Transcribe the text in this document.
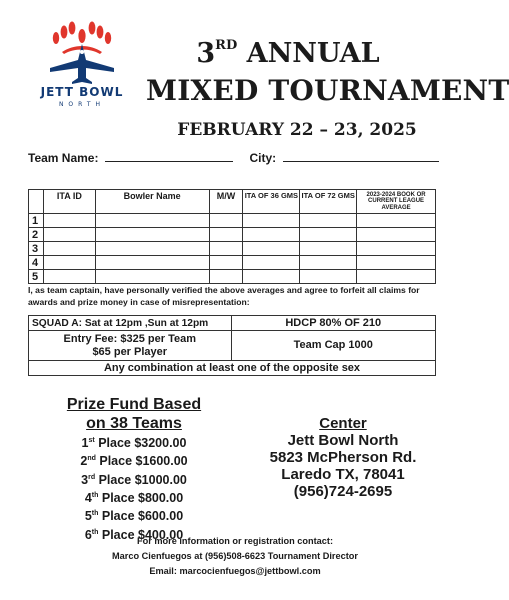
JETT BOWL
NORTH
3RD ANNUAL
MIXED TOURNAMENT
FEBRUARY 22 – 23, 2025
Team Name:	City:
	ITA ID	Bowler Name	M/W	ITA OF 36 GMS	ITA OF 72 GMS	2023-2024 BOOK OR CURRENT LEAGUE AVERAGE
1						
2						
3						
4						
5						
I, as team captain, have personally verified the above averages and agree to forfeit all claims for awards and prize money in case of misrepresentation:
SQUAD A: Sat at 12pm ,Sun at 12pm	HDCP 80% OF 210

Entry Fee: $325 per Team
$65 per Player	Team Cap 1000
Any combination at least one of the opposite sex	
Prize Fund Based
on 38 Teams
1st Place $3200.00
2nd Place $1600.00
3rd Place $1000.00
4th Place $800.00
5th Place $600.00
6th Place $400.00
Center
Jett Bowl North
5823 McPherson Rd.
Laredo TX, 78041
(956)724-2695
For more information or registration contact:
Marco Cienfuegos at (956)508-6623 Tournament Director
Email: marcocienfuegos@jettbowl.com
